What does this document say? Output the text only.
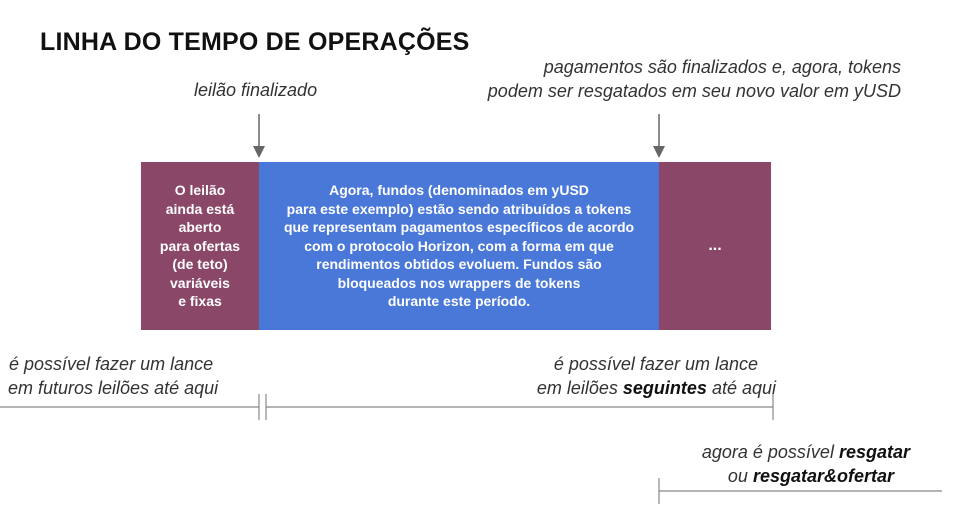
LINHA DO TEMPO DE OPERAÇÕES
leilão finalizado
pagamentos são finalizados e, agora, tokens
podem ser resgatados em seu novo valor em yUSD
O leilão
ainda está
aberto
para ofertas
(de teto)
variáveis
e fixas
Agora, fundos (denominados em yUSD
para este exemplo) estão sendo atribuídos a tokens
que representam pagamentos específicos de acordo
com o protocolo Horizon, com a forma em que
rendimentos obtidos evoluem. Fundos são
bloqueados nos wrappers de tokens
durante este período.
...
é possível fazer um lance
em futuros leilões até aqui
é possível fazer um lance
em leilões seguintes até aqui
agora é possível resgatar
ou resgatar&ofertar
